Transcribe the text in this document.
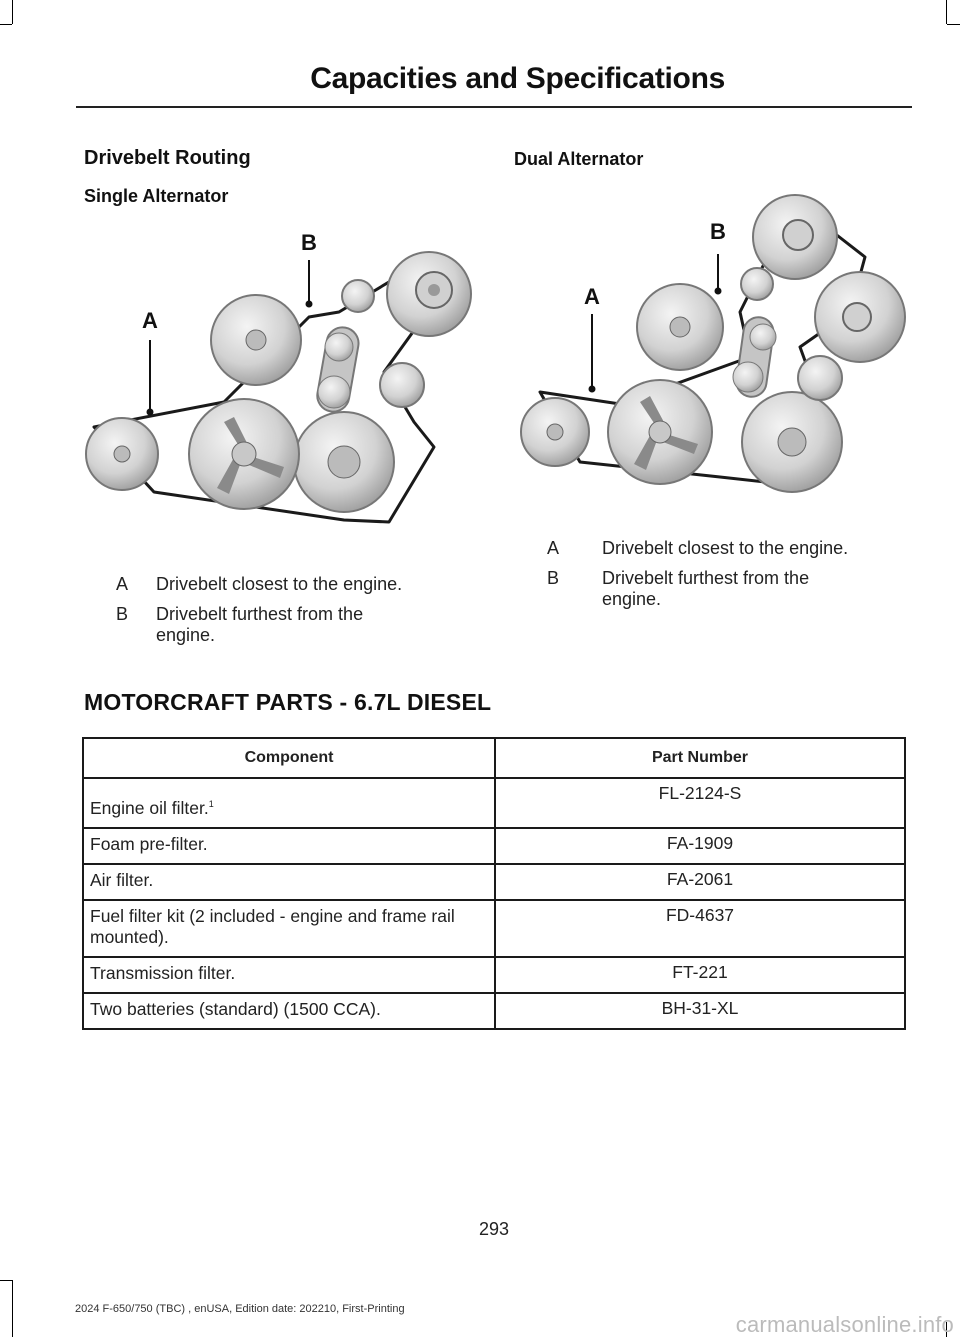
Capacities and Specifications
Drivebelt Routing
Single Alternator
Dual Alternator
A
B
A
B
A	Drivebelt closest to the engine.
B	Drivebelt furthest from the engine.
A	Drivebelt closest to the engine.
B	Drivebelt furthest from the engine.
MOTORCRAFT PARTS - 6.7L DIESEL
Component	Part Number
Engine oil filter.$^1$	FL-2124-S
Foam pre-filter.	FA-1909
Air filter.	FA-2061
Fuel filter kit (2 included - engine and frame rail mounted).	FD-4637
Transmission filter.	FT-221
Two batteries (standard) (1500 CCA).	BH-31-XL
293
2024 F-650/750 (TBC) , enUSA, Edition date: 202210, First-Printing
carmanualsonline.info
